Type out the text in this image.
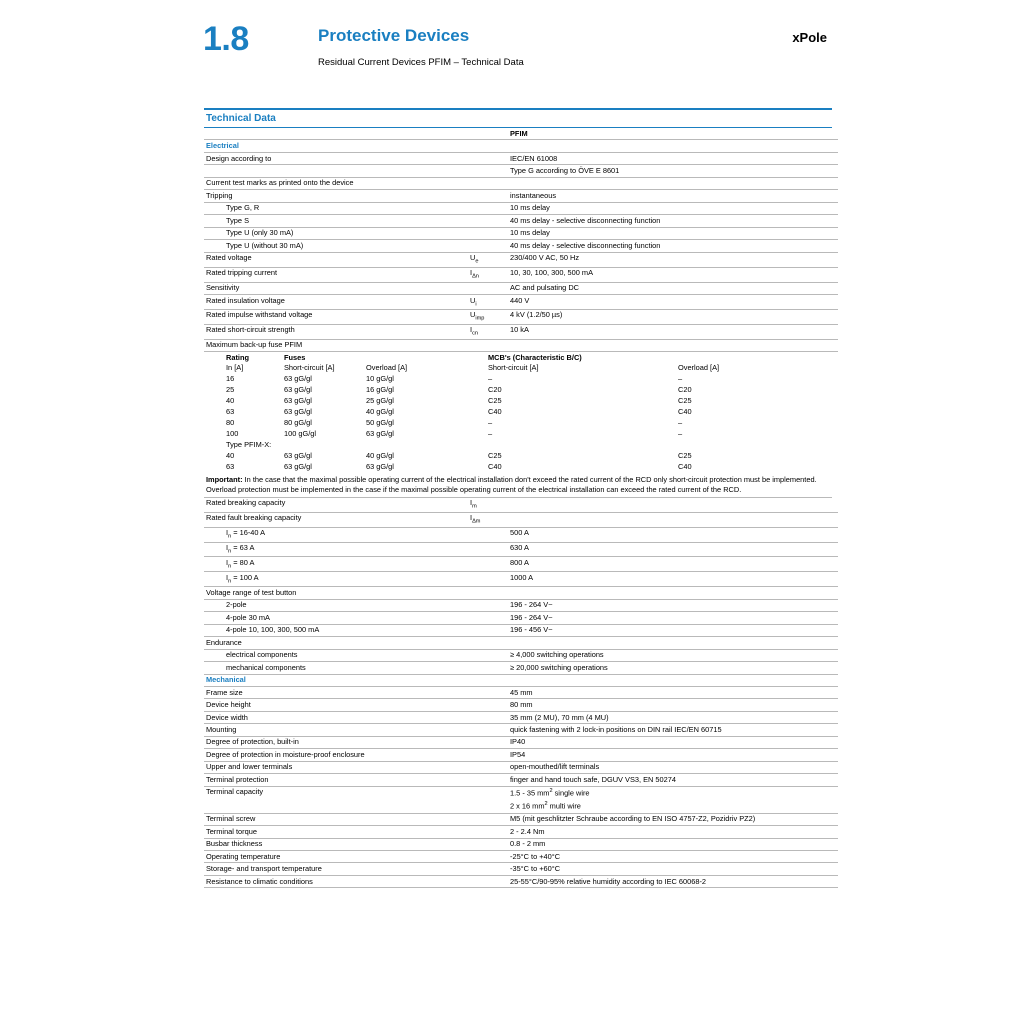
1.8	Protective Devices
Residual Current Devices PFIM – Technical Data
xPole
Technical Data
		PFIM
Electrical		
Design according to		IEC/EN 61008
		Type G according to ÖVE E 8601
Current test marks as printed onto the device		
Tripping		instantaneous
Type G, R		10 ms delay
Type S		40 ms delay - selective disconnecting function
Type U (only 30 mA)		10 ms delay
Type U (without 30 mA)		40 ms delay - selective disconnecting function
Rated voltage	$U_e$	230/400 V AC, 50 Hz
Rated tripping current	$I_{\Delta n}$	10, 30, 100, 300, 500 mA
Sensitivity		AC and pulsating DC
Rated insulation voltage	$U_i$	440 V
Rated impulse withstand voltage	$U_{imp}$	4 kV (1.2/50 µs)
Rated short-circuit strength	$I_{cn}$	10 kA
Maximum back-up fuse PFIM		
Rating	Fuses		MCB's (Characteristic B/C)	
In [A]	Short-circuit [A]	Overload [A]	Short-circuit [A]	Overload [A]
16	63 gG/gl	10 gG/gl	–	–
25	63 gG/gl	16 gG/gl	C20	C20
40	63 gG/gl	25 gG/gl	C25	C25
63	63 gG/gl	40 gG/gl	C40	C40
80	80 gG/gl	50 gG/gl	–	–
100	100 gG/gl	63 gG/gl	–	–
Type PFIM-X:				
40	63 gG/gl	40 gG/gl	C25	C25
63	63 gG/gl	63 gG/gl	C40	C40
Important: In the case that the maximal possible operating current of the electrical installation don't exceed the rated current of the RCD only short-circuit protection must be implemented. Overload protection must be implemented in the case if the maximal possible operating current of the electrical installation can exceed the rated current of the RCD.
Rated breaking capacity	$I_m$	
Rated fault breaking capacity	$I_{\Delta m}$	
$I_n = 16-40$ A		500 A
$I_n = 63$ A		630 A
$I_n = 80$ A		800 A
$I_n = 100$ A		1000 A
Voltage range of test button		
2-pole		196 - 264 V~
4-pole 30 mA		196 - 264 V~
4-pole 10, 100, 300, 500 mA		196 - 456 V~
Endurance		
electrical components		≥ 4,000 switching operations
mechanical components		≥ 20,000 switching operations
Mechanical		
Frame size		45 mm
Device height		80 mm
Device width		35 mm (2 MU), 70 mm (4 MU)
Mounting		quick fastening with 2 lock-in positions on DIN rail IEC/EN 60715
Degree of protection, built-in		IP40
Degree of protection in moisture-proof enclosure		IP54
Upper and lower terminals		open-mouthed/lift terminals
Terminal protection		finger and hand touch safe, DGUV VS3, EN 50274
Terminal capacity		1.5 - 35 $mm^2$ single wire
		2 x 16 $mm^2$ multi wire
Terminal screw		M5 (mit geschlitzter Schraube according to EN ISO 4757-Z2, Pozidriv PZ2)
Terminal torque		2 - 2.4 Nm
Busbar thickness		0.8 - 2 mm
Operating temperature		-25°C to +40°C
Storage- and transport temperature		-35°C to +60°C
Resistance to climatic conditions		25-55°C/90-95% relative humidity according to IEC 60068-2
